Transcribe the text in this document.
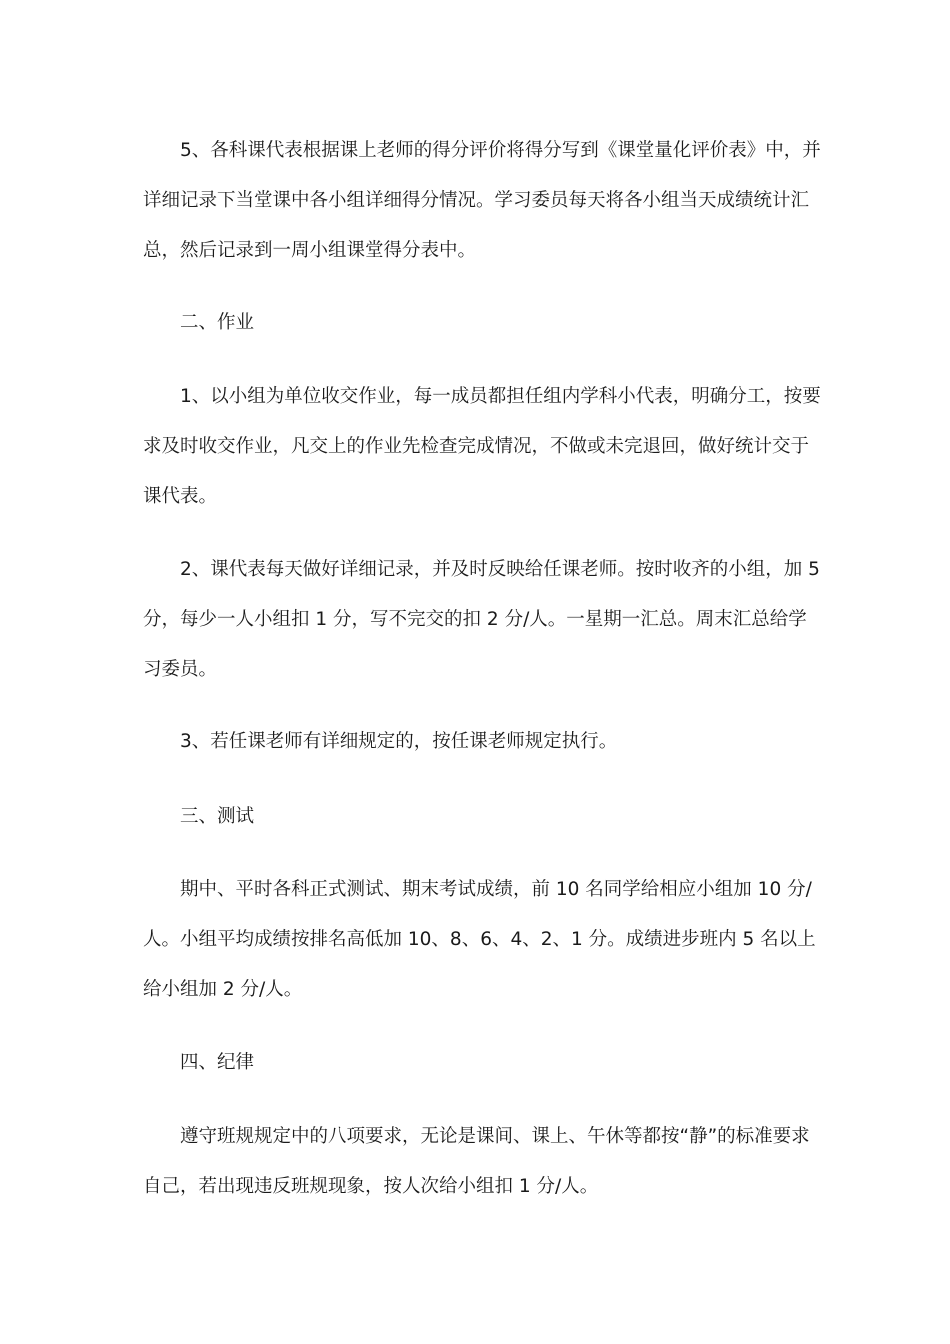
5、各科课代表根据课上老师的得分评价将得分写到《课堂量化评价表》中，并详细记录下当堂课中各小组详细得分情况。学习委员每天将各小组当天成绩统计汇总，然后记录到一周小组课堂得分表中。

二、作业

1、以小组为单位收交作业，每一成员都担任组内学科小代表，明确分工，按要求及时收交作业，凡交上的作业先检查完成情况，不做或未完退回，做好统计交于课代表。

2、课代表每天做好详细记录，并及时反映给任课老师。按时收齐的小组，加 5 分，每少一人小组扣 1 分，写不完交的扣 2 分/人。一星期一汇总。周末汇总给学习委员。

3、若任课老师有详细规定的，按任课老师规定执行。

三、测试

期中、平时各科正式测试、期末考试成绩，前 10 名同学给相应小组加 10 分/人。小组平均成绩按排名高低加 10、8、6、4、2、1 分。成绩进步班内 5 名以上给小组加 2 分/人。

四、纪律

遵守班规规定中的八项要求，无论是课间、课上、午休等都按“静”的标准要求自己，若出现违反班规现象，按人次给小组扣 1 分/人。
